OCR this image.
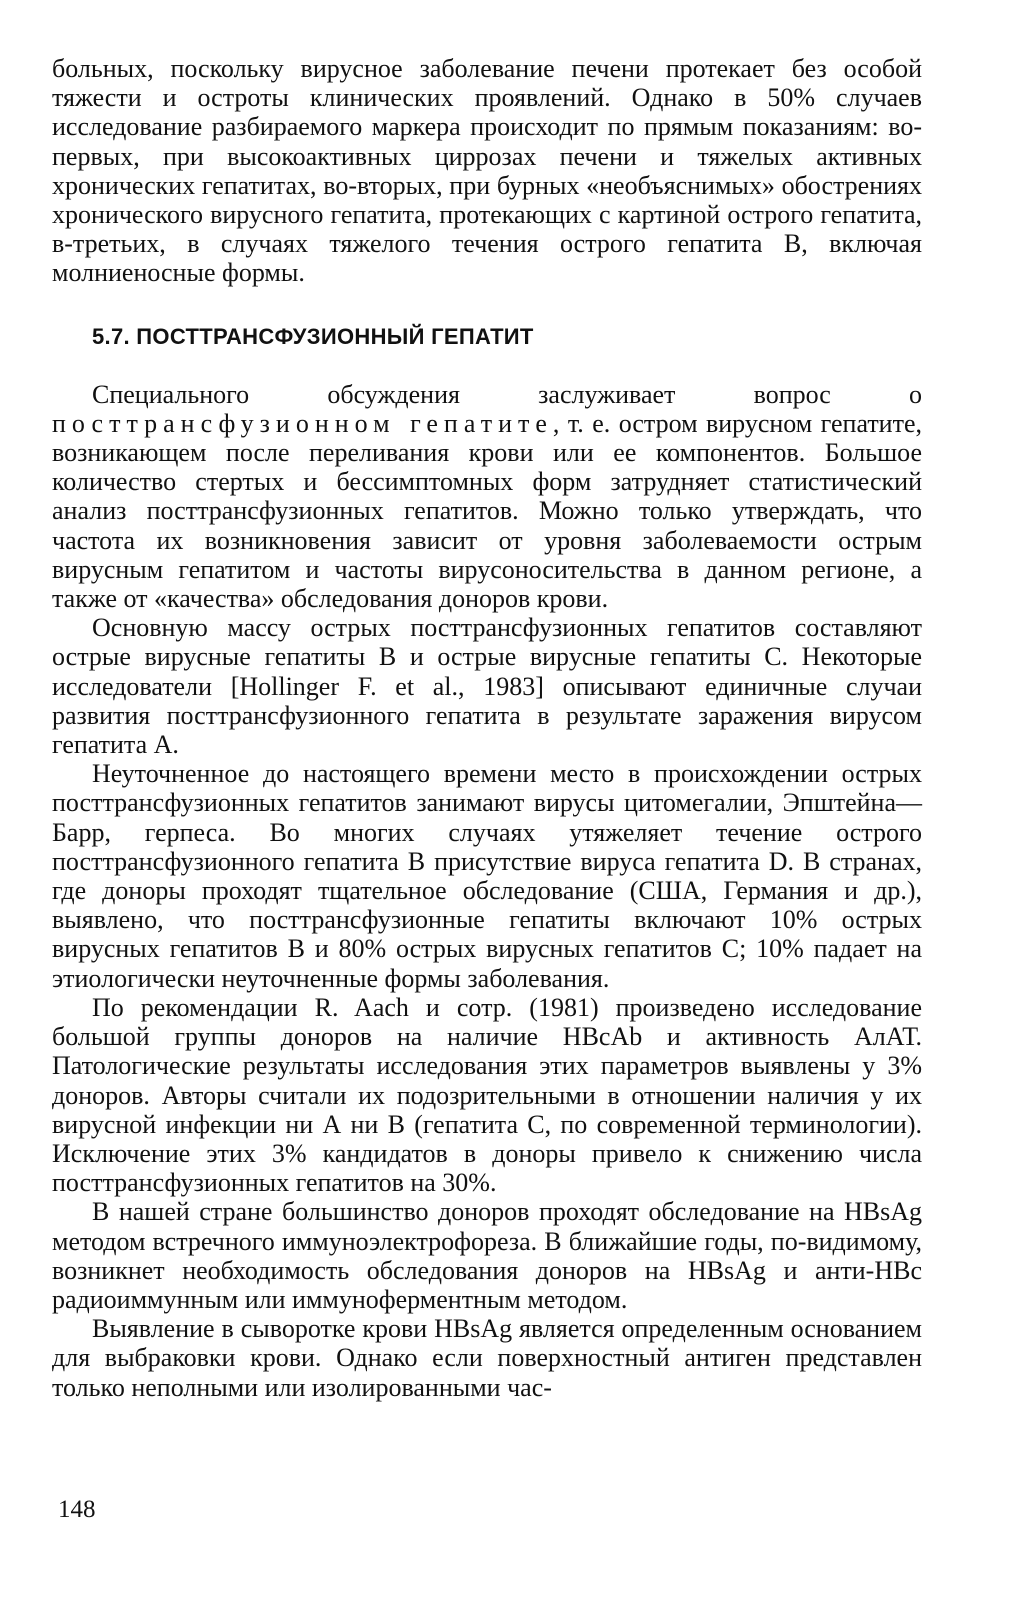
больных, поскольку вирусное заболевание печени протекает без особой тяжести и остроты клинических проявлений. Однако в 50% случаев исследование разбираемого маркера происходит по прямым показаниям: во-первых, при высокоактивных циррозах печени и тяжелых активных хронических гепатитах, во-вторых, при бурных «необъяснимых» обострениях хронического вирусного гепатита, протекающих с картиной острого гепатита, в-третьих, в случаях тяжелого течения острого гепатита В, включая молниеносные формы.

5.7. ПОСТТРАНСФУЗИОННЫЙ ГЕПАТИТ

Специального обсуждения заслуживает вопрос о посттрансфузионном гепатите, т. е. остром вирусном гепатите, возникающем после переливания крови или ее компонентов. Большое количество стертых и бессимптомных форм затрудняет статистический анализ посттрансфузионных гепатитов. Можно только утверждать, что частота их возникновения зависит от уровня заболеваемости острым вирусным гепатитом и частоты вирусоносительства в данном регионе, а также от «качества» обследования доноров крови.

Основную массу острых посттрансфузионных гепатитов составляют острые вирусные гепатиты В и острые вирусные гепатиты С. Некоторые исследователи [Hollinger F. et al., 1983] описывают единичные случаи развития посттрансфузионного гепатита в результате заражения вирусом гепатита А.

Неуточненное до настоящего времени место в происхождении острых посттрансфузионных гепатитов занимают вирусы цитомегалии, Эпштейна—Барр, герпеса. Во многих случаях утяжеляет течение острого посттрансфузионного гепатита В присутствие вируса гепатита D. В странах, где доноры проходят тщательное обследование (США, Германия и др.), выявлено, что посттрансфузионные гепатиты включают 10% острых вирусных гепатитов В и 80% острых вирусных гепатитов С; 10% падает на этиологически неуточненные формы заболевания.

По рекомендации R. Aach и сотр. (1981) произведено исследование большой группы доноров на наличие HBcAb и активность АлАТ. Патологические результаты исследования этих параметров выявлены у 3% доноров. Авторы считали их подозрительными в отношении наличия у их вирусной инфекции ни А ни В (гепатита С, по современной терминологии). Исключение этих 3% кандидатов в доноры привело к снижению числа посттрансфузионных гепатитов на 30%.

В нашей стране большинство доноров проходят обследование на HBsAg методом встречного иммуноэлектрофореза. В ближайшие годы, по-видимому, возникнет необходимость обследования доноров на HBsAg и анти-HBc радиоиммунным или иммуноферментным методом.

Выявление в сыворотке крови HBsAg является определенным основанием для выбраковки крови. Однако если поверхностный антиген представлен только неполными или изолированными час-

148
